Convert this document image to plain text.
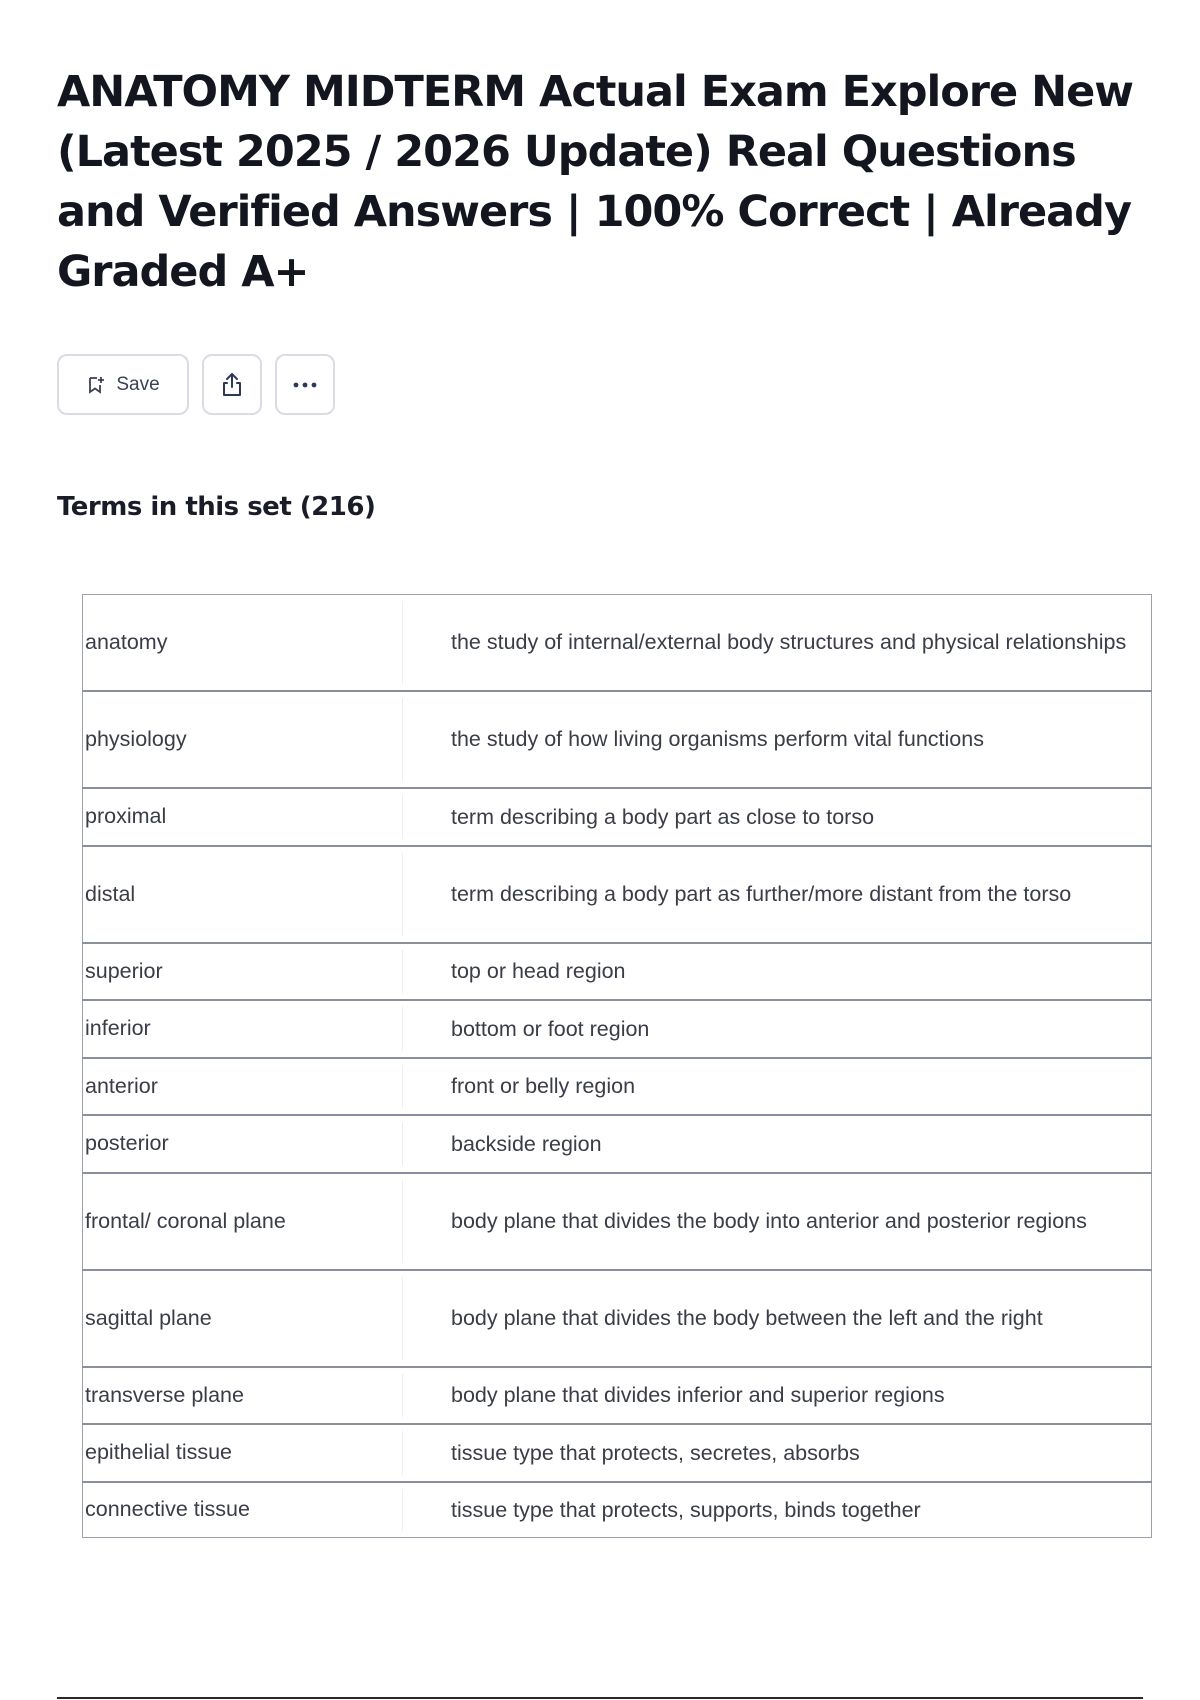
ANATOMY MIDTERM Actual Exam Explore New (Latest 2025 / 2026 Update) Real Questions and Verified Answers | 100% Correct | Already Graded A+
Save
Terms in this set (216)
anatomy	the study of internal/external body structures and physical relationships
physiology	the study of how living organisms perform vital functions
proximal	term describing a body part as close to torso
distal	term describing a body part as further/more distant from the torso
superior	top or head region
inferior	bottom or foot region
anterior	front or belly region
posterior	backside region
frontal/ coronal plane	body plane that divides the body into anterior and posterior regions
sagittal plane	body plane that divides the body between the left and the right
transverse plane	body plane that divides inferior and superior regions
epithelial tissue	tissue type that protects, secretes, absorbs
connective tissue	tissue type that protects, supports, binds together
